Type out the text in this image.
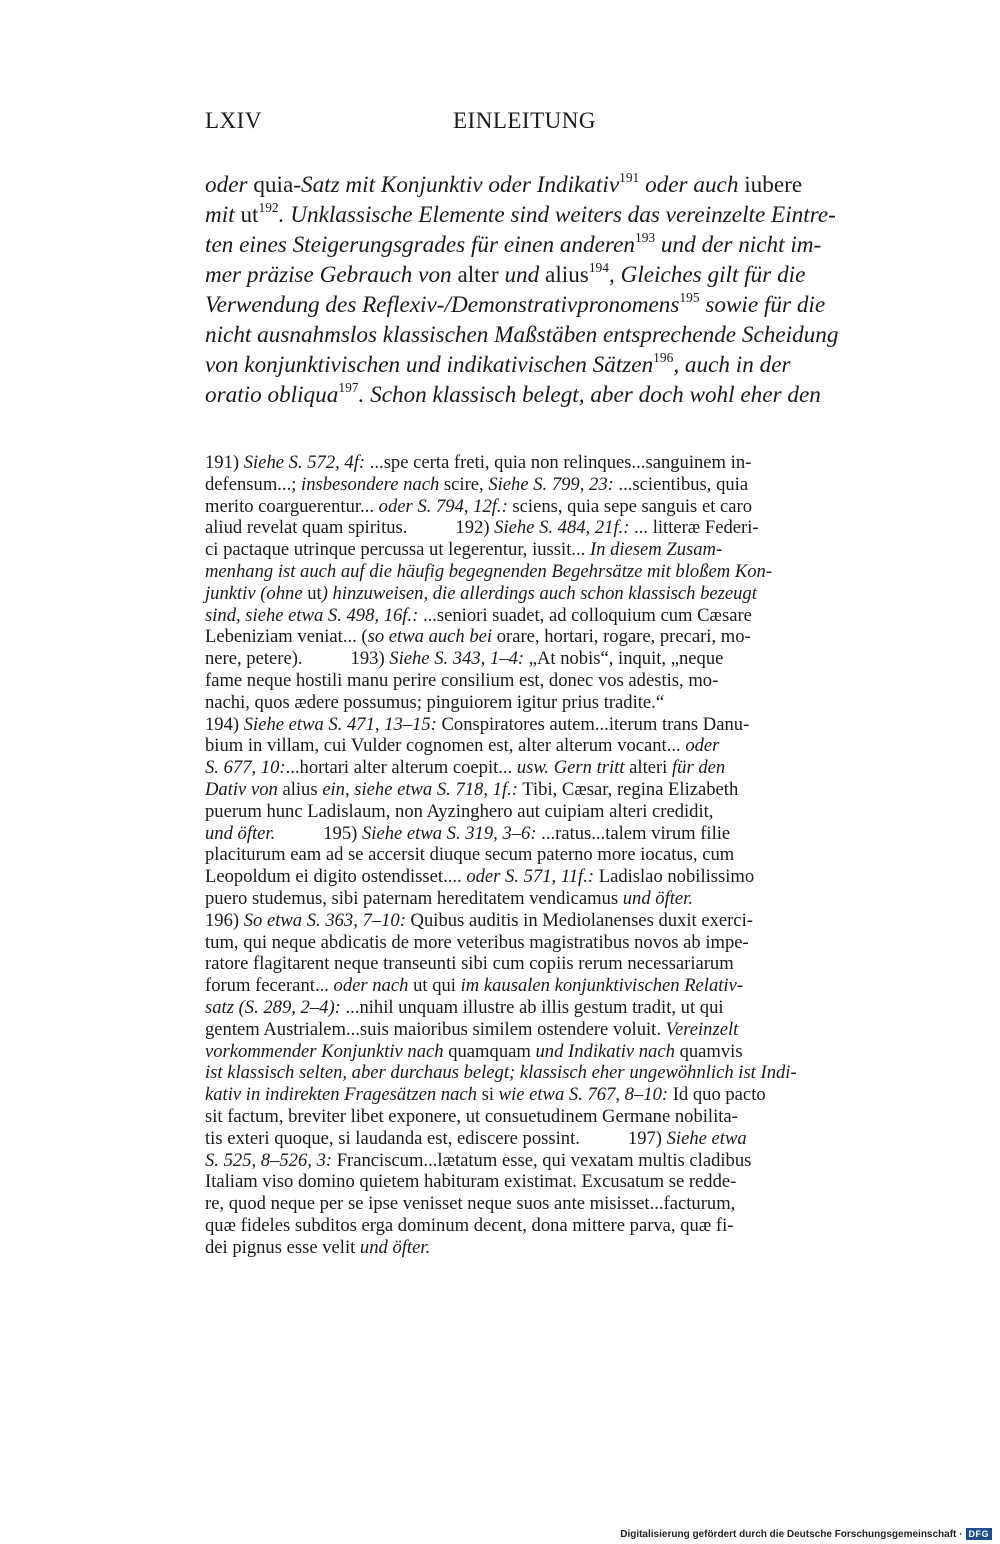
LXIV	EINLEITUNG
oder quia-Satz mit Konjunktiv oder Indikativ$^{191}$ oder auch iubere
mit $ut^{192}$. Unklassische Elemente sind weiters das vereinzelte Eintre-
ten eines Steigerungsgrades für einen anderen$^{193}$ und der nicht im-
mer präzise Gebrauch von alter und alius$^{194}$, Gleiches gilt für die
Verwendung des Reflexiv-/Demonstrativpronomens$^{195}$ sowie für die
nicht ausnahmslos klassischen Maßstäben entsprechende Scheidung
von konjunktivischen und indikativischen Sätzen$^{196}$, auch in der
oratio obliqua$^{197}$. Schon klassisch belegt, aber doch wohl eher den
191) Siehe S. 572, 4f: ...spe certa freti, quia non relinques...sanguinem in-
defensum...; insbesondere nach scire, Siehe S. 799, 23: ...scientibus, quia
merito coarguerentur... oder S. 794, 12f.: sciens, quia sepe sanguis et caro
aliud revelat quam spiritus.	192) Siehe S. 484, 21f.: ... litteræ Federi-
ci pactaque utrinque percussa ut legerentur, iussit... In diesem Zusam-
menhang ist auch auf die häufig begegnenden Begehrsätze mit bloßem Kon-
junktiv (ohne ut) hinzuweisen, die allerdings auch schon klassisch bezeugt
sind, siehe etwa S. 498, 16f.: ...seniori suadet, ad colloquium cum Cæsare
Lebeniziam veniat... (so etwa auch bei orare, hortari, rogare, precari, mo-
nere, petere).	193) Siehe S. 343, 1–4: „At nobis“, inquit, „neque
fame neque hostili manu perire consilium est, donec vos adestis, mo-
nachi, quos ædere possumus; pinguiorem igitur prius tradite.“
194) Siehe etwa S. 471, 13–15: Conspiratores autem...iterum trans Danu-
bium in villam, cui Vulder cognomen est, alter alterum vocant... oder
S. 677, 10:...hortari alter alterum coepit... usw. Gern tritt alteri für den
Dativ von alius ein, siehe etwa S. 718, 1f.: Tibi, Cæsar, regina Elizabeth
puerum hunc Ladislaum, non Ayzinghero aut cuipiam alteri credidit,
und öfter.	195) Siehe etwa S. 319, 3–6: ...ratus...talem virum filie
placiturum eam ad se accersit diuque secum paterno more iocatus, cum
Leopoldum ei digito ostendisset.... oder S. 571, 11f.: Ladislao nobilissimo
puero studemus, sibi paternam hereditatem vendicamus und öfter.
196) So etwa S. 363, 7–10: Quibus auditis in Mediolanenses duxit exerci-
tum, qui neque abdicatis de more veteribus magistratibus novos ab impe-
ratore flagitarent neque transeunti sibi cum copiis rerum necessariarum
forum fecerant... oder nach ut qui im kausalen konjunktivischen Relativ-
satz (S. 289, 2–4): ...nihil unquam illustre ab illis gestum tradit, ut qui
gentem Austrialem...suis maioribus similem ostendere voluit. Vereinzelt
vorkommender Konjunktiv nach quamquam und Indikativ nach quamvis
ist klassisch selten, aber durchaus belegt; klassisch eher ungewöhnlich ist Indi-
kativ in indirekten Fragesätzen nach si wie etwa S. 767, 8–10: Id quo pacto
sit factum, breviter libet exponere, ut consuetudinem Germane nobilita-
tis exteri quoque, si laudanda est, ediscere possint.	197) Siehe etwa
S. 525, 8–526, 3: Franciscum...lætatum esse, qui vexatam multis cladibus
Italiam viso domino quietem habituram existimat. Excusatum se redde-
re, quod neque per se ipse venisset neque suos ante misisset...facturum,
quæ fideles subditos erga dominum decent, dona mittere parva, quæ fi-
dei pignus esse velit und öfter.
Digitalisierung gefördert durch die Deutsche Forschungsgemeinschaft · DFG
